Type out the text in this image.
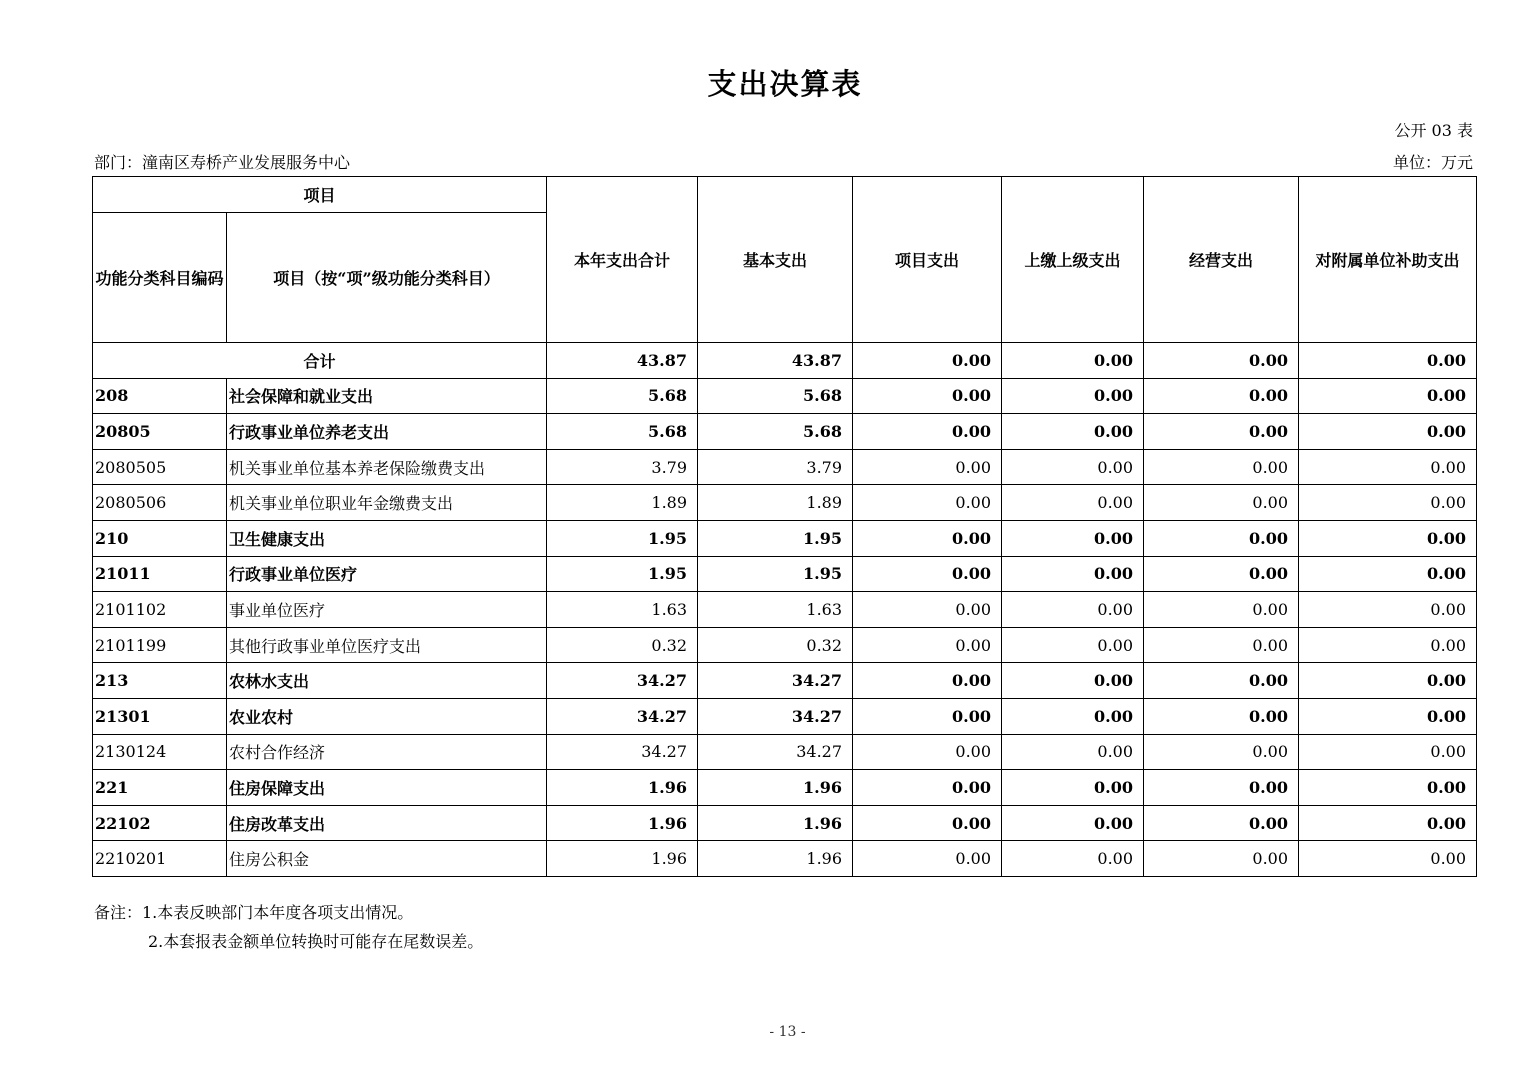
支出决算表
公开 03 表
部门：潼南区寿桥产业发展服务中心	单位：万元
项目		本年支出合计	基本支出	项目支出	上缴上级支出	经营支出	对附属单位补助支出
功能分类科目编码	项目（按“项”级功能分类科目）						
合计		43.87	43.87	0.00	0.00	0.00	0.00
208	社会保障和就业支出	5.68	5.68	0.00	0.00	0.00	0.00
20805	行政事业单位养老支出	5.68	5.68	0.00	0.00	0.00	0.00
2080505	机关事业单位基本养老保险缴费支出	3.79	3.79	0.00	0.00	0.00	0.00
2080506	机关事业单位职业年金缴费支出	1.89	1.89	0.00	0.00	0.00	0.00
210	卫生健康支出	1.95	1.95	0.00	0.00	0.00	0.00
21011	行政事业单位医疗	1.95	1.95	0.00	0.00	0.00	0.00
2101102	事业单位医疗	1.63	1.63	0.00	0.00	0.00	0.00
2101199	其他行政事业单位医疗支出	0.32	0.32	0.00	0.00	0.00	0.00
213	农林水支出	34.27	34.27	0.00	0.00	0.00	0.00
21301	农业农村	34.27	34.27	0.00	0.00	0.00	0.00
2130124	农村合作经济	34.27	34.27	0.00	0.00	0.00	0.00
221	住房保障支出	1.96	1.96	0.00	0.00	0.00	0.00
22102	住房改革支出	1.96	1.96	0.00	0.00	0.00	0.00
2210201	住房公积金	1.96	1.96	0.00	0.00	0.00	0.00
备注：1.本表反映部门本年度各项支出情况。
2.本套报表金额单位转换时可能存在尾数误差。
- 13 -
